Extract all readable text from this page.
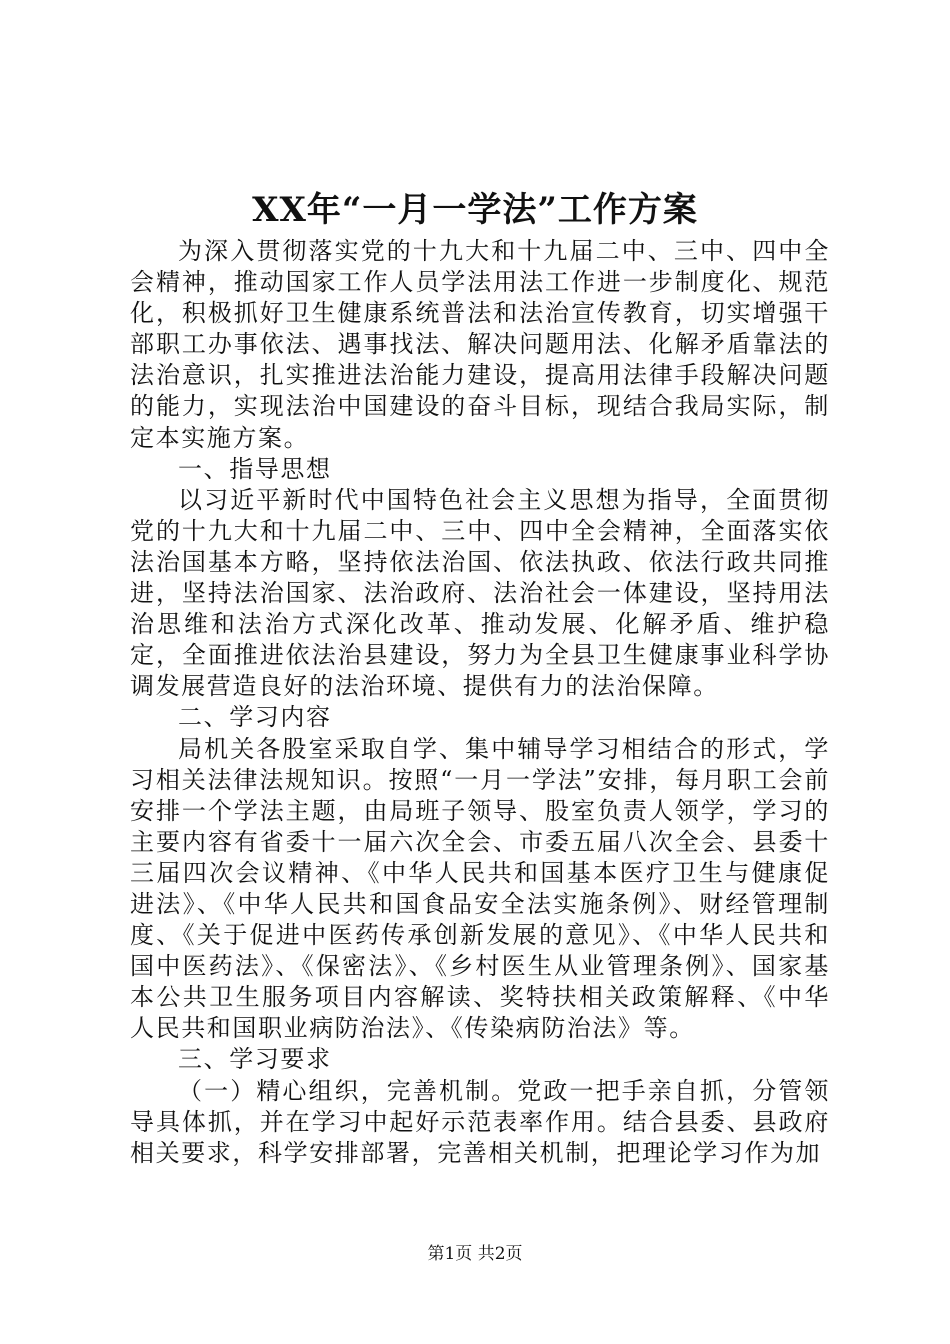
XX年“一月一学法”工作方案

为深入贯彻落实党的十九大和十九届二中、三中、四中全会精神，推动国家工作人员学法用法工作进一步制度化、规范化，积极抓好卫生健康系统普法和法治宣传教育，切实增强干部职工办事依法、遇事找法、解决问题用法、化解矛盾靠法的法治意识，扎实推进法治能力建设，提高用法律手段解决问题的能力，实现法治中国建设的奋斗目标，现结合我局实际，制定本实施方案。

一、指导思想

以习近平新时代中国特色社会主义思想为指导，全面贯彻党的十九大和十九届二中、三中、四中全会精神，全面落实依法治国基本方略，坚持依法治国、依法执政、依法行政共同推进，坚持法治国家、法治政府、法治社会一体建设，坚持用法治思维和法治方式深化改革、推动发展、化解矛盾、维护稳定，全面推进依法治县建设，努力为全县卫生健康事业科学协调发展营造良好的法治环境、提供有力的法治保障。

二、学习内容

局机关各股室采取自学、集中辅导学习相结合的形式，学习相关法律法规知识。按照“一月一学法”安排，每月职工会前安排一个学法主题，由局班子领导、股室负责人领学，学习的主要内容有省委十一届六次全会、市委五届八次全会、县委十三届四次会议精神、《中华人民共和国基本医疗卫生与健康促进法》、《中华人民共和国食品安全法实施条例》、财经管理制度、《关于促进中医药传承创新发展的意见》、《中华人民共和国中医药法》、《保密法》、《乡村医生从业管理条例》、国家基本公共卫生服务项目内容解读、奖特扶相关政策解释、《中华人民共和国职业病防治法》、《传染病防治法》等。

三、学习要求

（一）精心组织，完善机制。党政一把手亲自抓，分管领导具体抓，并在学习中起好示范表率作用。结合县委、县政府相关要求，科学安排部署，完善相关机制，把理论学习作为加

第1页 共2页
